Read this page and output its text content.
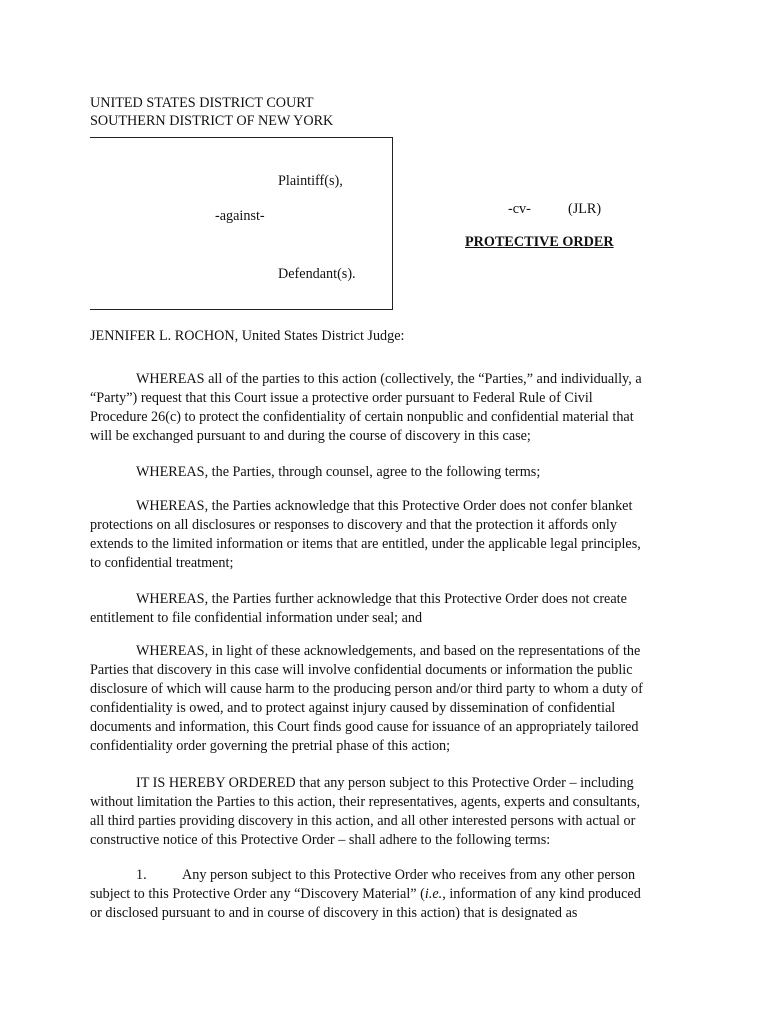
UNITED STATES DISTRICT COURT
SOUTHERN DISTRICT OF NEW YORK
Plaintiff(s),
-against-
Defendant(s).
-cv-	(JLR)
PROTECTIVE ORDER
JENNIFER L. ROCHON, United States District Judge:
WHEREAS all of the parties to this action (collectively, the “Parties,” and individually, a
“Party”) request that this Court issue a protective order pursuant to Federal Rule of Civil
Procedure 26(c) to protect the confidentiality of certain nonpublic and confidential material that
will be exchanged pursuant to and during the course of discovery in this case;
WHEREAS, the Parties, through counsel, agree to the following terms;
WHEREAS, the Parties acknowledge that this Protective Order does not confer blanket
protections on all disclosures or responses to discovery and that the protection it affords only
extends to the limited information or items that are entitled, under the applicable legal principles,
to confidential treatment;
WHEREAS, the Parties further acknowledge that this Protective Order does not create
entitlement to file confidential information under seal; and
WHEREAS, in light of these acknowledgements, and based on the representations of the
Parties that discovery in this case will involve confidential documents or information the public
disclosure of which will cause harm to the producing person and/or third party to whom a duty of
confidentiality is owed, and to protect against injury caused by dissemination of confidential
documents and information, this Court finds good cause for issuance of an appropriately tailored
confidentiality order governing the pretrial phase of this action;
IT IS HEREBY ORDERED that any person subject to this Protective Order – including
without limitation the Parties to this action, their representatives, agents, experts and consultants,
all third parties providing discovery in this action, and all other interested persons with actual or
constructive notice of this Protective Order – shall adhere to the following terms:
1. Any person subject to this Protective Order who receives from any other person
subject to this Protective Order any “Discovery Material” (i.e., information of any kind produced
or disclosed pursuant to and in course of discovery in this action) that is designated as
